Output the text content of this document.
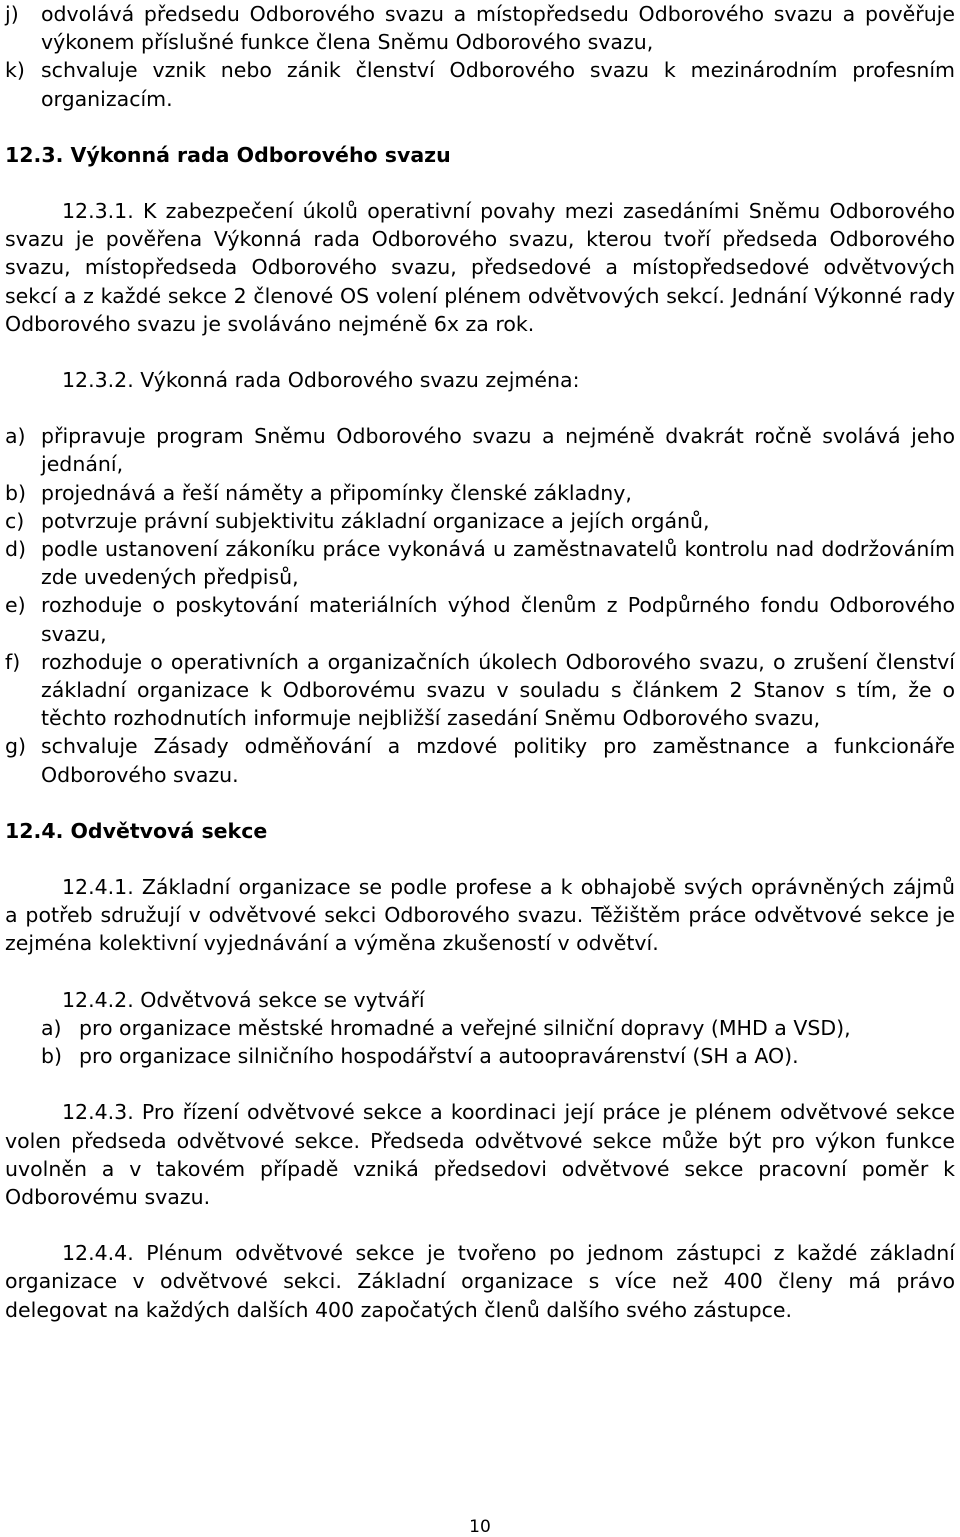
j)	odvolává předsedu Odborového svazu a místopředsedu Odborového svazu a pověřuje výkonem příslušné funkce člena Sněmu Odborového svazu,
k) schvaluje vznik nebo zánik členství Odborového svazu k mezinárodním profesním organizacím.
12.3. Výkonná rada Odborového svazu
12.3.1. K zabezpečení úkolů operativní povahy mezi zasedáními Sněmu Odborového svazu je pověřena Výkonná rada Odborového svazu, kterou tvoří předseda Odborového svazu, místopředseda Odborového svazu, předsedové a místopředsedové odvětvových sekcí a z každé sekce 2 členové OS volení plénem odvětvových sekcí. Jednání Výkonné rady Odborového svazu je svoláváno nejméně 6x za rok.
12.3.2. Výkonná rada Odborového svazu zejména:
a) připravuje program Sněmu Odborového svazu a nejméně dvakrát ročně svolává jeho jednání,
b) projednává a řeší náměty a připomínky členské základny,
c) potvrzuje právní subjektivitu základní organizace a jejích orgánů,
d) podle ustanovení zákoníku práce vykonává u zaměstnavatelů kontrolu nad dodržováním zde uvedených předpisů,
e) rozhoduje o poskytování materiálních výhod členům z Podpůrného fondu Odborového svazu,
f)	rozhoduje o operativních a organizačních úkolech Odborového svazu, o zrušení členství základní organizace k Odborovému svazu v souladu s článkem 2 Stanov s tím, že o těchto rozhodnutích informuje nejbližší zasedání Sněmu Odborového svazu,
g) schvaluje Zásady odměňování a mzdové politiky pro zaměstnance a funkcionáře Odborového svazu.
12.4. Odvětvová sekce
12.4.1. Základní organizace se podle profese a k obhajobě svých oprávněných zájmů a potřeb sdružují v odvětvové sekci Odborového svazu. Těžištěm práce odvětvové sekce je zejména kolektivní vyjednávání a výměna zkušeností v odvětví.
12.4.2. Odvětvová sekce se vytváří
a) pro organizace městské hromadné a veřejné silniční dopravy (MHD a VSD),
b) pro organizace silničního hospodářství a autoopravárenství (SH a AO).
12.4.3. Pro řízení odvětvové sekce a koordinaci její práce je plénem odvětvové sekce volen předseda odvětvové sekce. Předseda odvětvové sekce může být pro výkon funkce uvolněn a v takovém případě vzniká předsedovi odvětvové sekce pracovní poměr k Odborovému svazu.
12.4.4. Plénum odvětvové sekce je tvořeno po jednom zástupci z každé základní organizace v odvětvové sekci. Základní organizace s více než 400 členy má právo delegovat na každých dalších 400 započatých členů dalšího svého zástupce.
10
